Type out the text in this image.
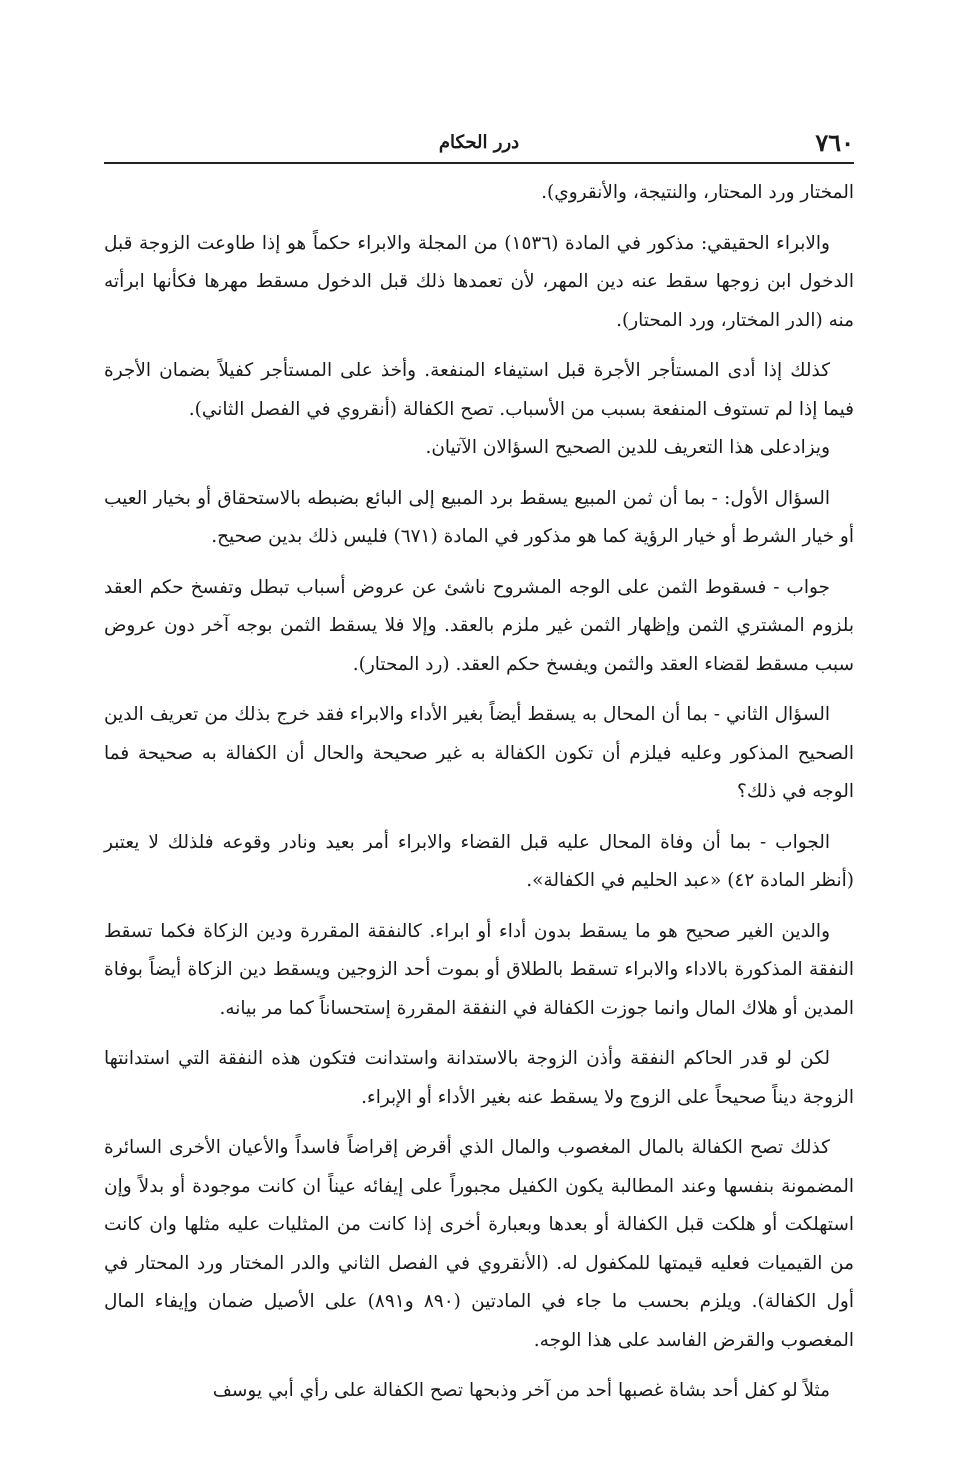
٧٦٠
درر الحكام

المختار ورد المحتار، والنتيجة، والأنقروي).

والابراء الحقيقي: مذكور في المادة (١٥٣٦) من المجلة والابراء حكماً هو إذا طاوعت الزوجة قبل الدخول ابن زوجها سقط عنه دين المهر، لأن تعمدها ذلك قبل الدخول مسقط مهرها فكأنها ابرأته منه (الدر المختار، ورد المحتار).

كذلك إذا أدى المستأجر الأجرة قبل استيفاء المنفعة. وأخذ على المستأجر كفيلاً بضمان الأجرة فيما إذا لم تستوف المنفعة بسبب من الأسباب. تصح الكفالة (أنقروي في الفصل الثاني).

ويزادعلى هذا التعريف للدين الصحيح السؤالان الآتيان.

السؤال الأول: - بما أن ثمن المبيع يسقط برد المبيع إلى البائع بضبطه بالاستحقاق أو بخيار العيب أو خيار الشرط أو خيار الرؤية كما هو مذكور في المادة (٦٧١) فليس ذلك بدين صحيح.

جواب - فسقوط الثمن على الوجه المشروح ناشئ عن عروض أسباب تبطل وتفسخ حكم العقد بلزوم المشتري الثمن وإظهار الثمن غير ملزم بالعقد. وإلا فلا يسقط الثمن بوجه آخر دون عروض سبب مسقط لقضاء العقد والثمن ويفسخ حكم العقد. (رد المحتار).

السؤال الثاني - بما أن المحال به يسقط أيضاً بغير الأداء والابراء فقد خرج بذلك من تعريف الدين الصحيح المذكور وعليه فيلزم أن تكون الكفالة به غير صحيحة والحال أن الكفالة به صحيحة فما الوجه في ذلك؟

الجواب - بما أن وفاة المحال عليه قبل القضاء والابراء أمر بعيد ونادر وقوعه فلذلك لا يعتبر (أنظر المادة ٤٢) «عبد الحليم في الكفالة».

والدين الغير صحيح هو ما يسقط بدون أداء أو ابراء. كالنفقة المقررة ودين الزكاة فكما تسقط النفقة المذكورة بالاداء والابراء تسقط بالطلاق أو بموت أحد الزوجين ويسقط دين الزكاة أيضاً بوفاة المدين أو هلاك المال وانما جوزت الكفالة في النفقة المقررة إستحساناً كما مر بيانه.

لكن لو قدر الحاكم النفقة وأذن الزوجة بالاستدانة واستدانت فتكون هذه النفقة التي استدانتها الزوجة ديناً صحيحاً على الزوج ولا يسقط عنه بغير الأداء أو الإبراء.

كذلك تصح الكفالة بالمال المغصوب والمال الذي أقرض إقراضاً فاسداً والأعيان الأخرى السائرة المضمونة بنفسها وعند المطالبة يكون الكفيل مجبوراً على إيفائه عيناً ان كانت موجودة أو بدلاً وإن استهلكت أو هلكت قبل الكفالة أو بعدها وبعبارة أخرى إذا كانت من المثليات عليه مثلها وان كانت من القيميات فعليه قيمتها للمكفول له. (الأنقروي في الفصل الثاني والدر المختار ورد المحتار في أول الكفالة). ويلزم بحسب ما جاء في المادتين (٨٩٠ و٨٩١) على الأصيل ضمان وإيفاء المال المغصوب والقرض الفاسد على هذا الوجه.

مثلاً لو كفل أحد بشاة غصبها أحد من آخر وذبحها تصح الكفالة على رأي أبي يوسف
